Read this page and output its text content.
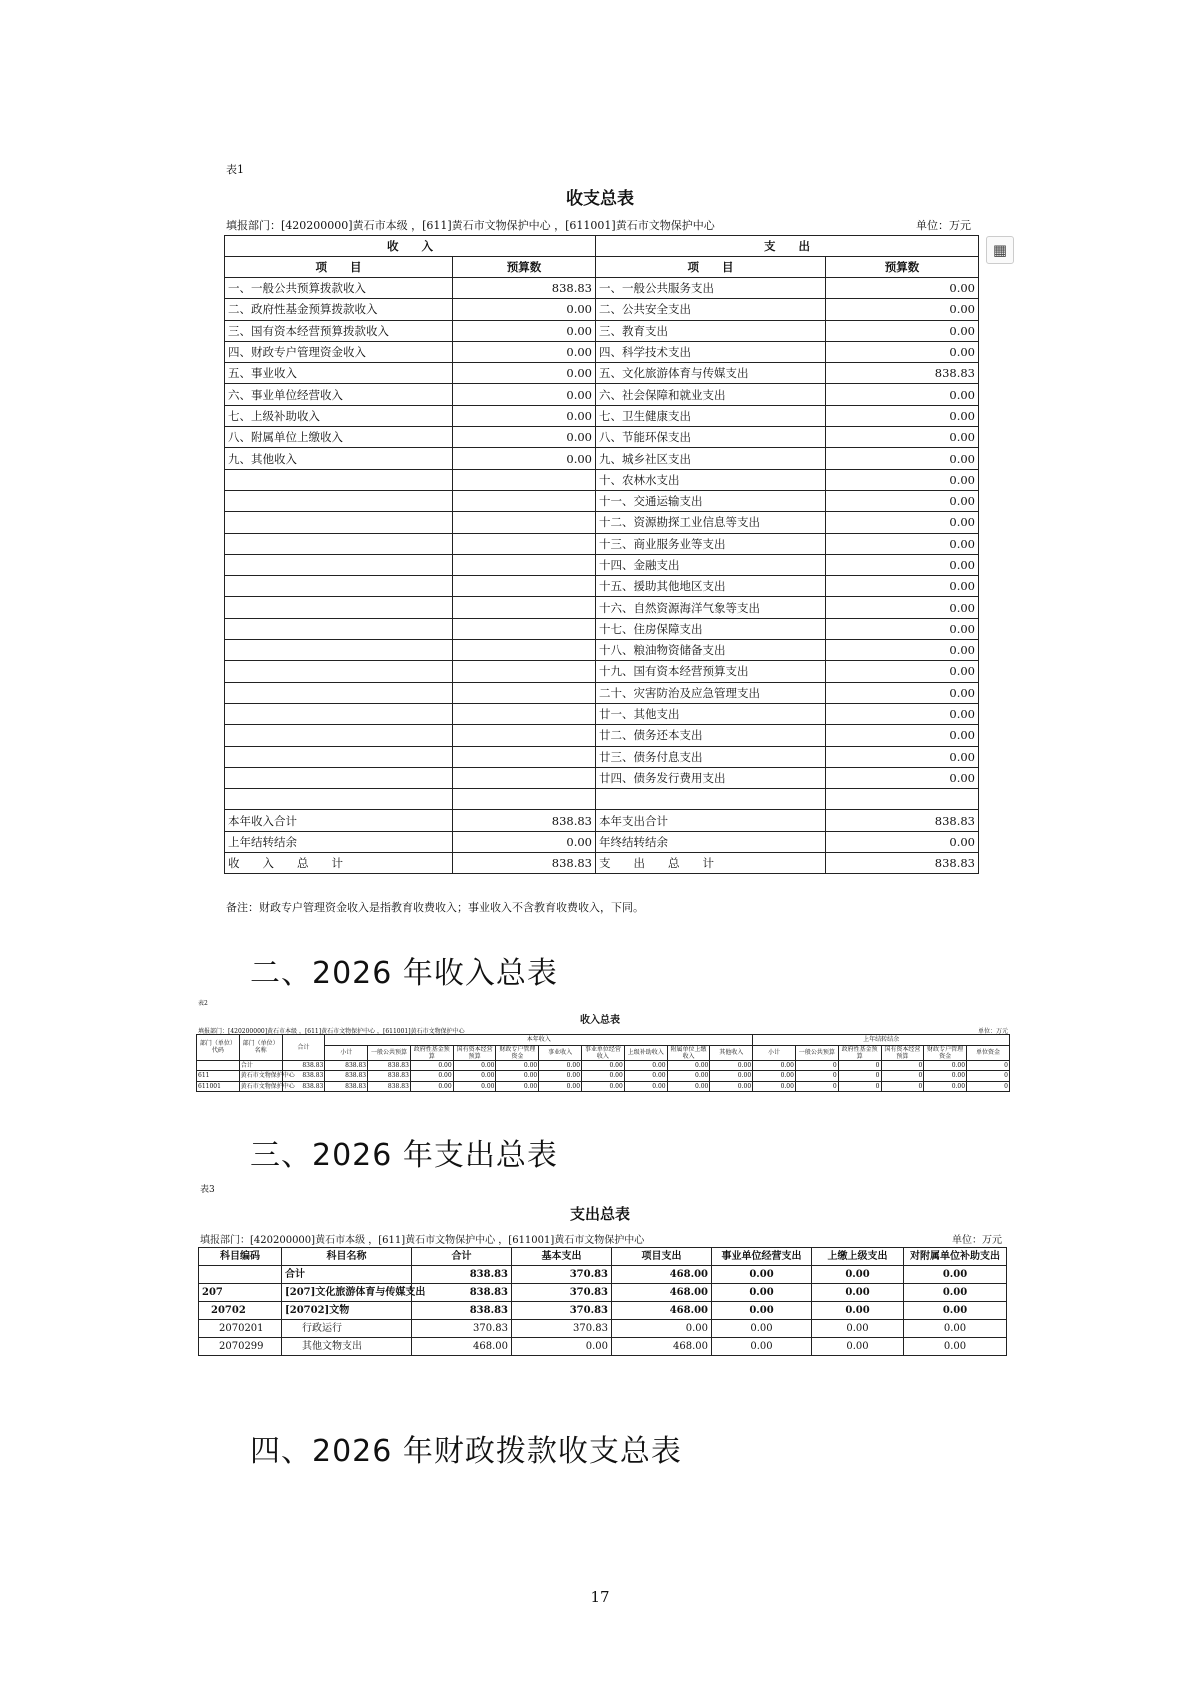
表1
收支总表
填报部门：[420200000]黄石市本级 ，[611]黄石市文物保护中心 ，[611001]黄石市文物保护中心	单位：万元
▦
收　　入		支　　出	
项　　目	预算数	项　　目	预算数
一、一般公共预算拨款收入	838.83	一、一般公共服务支出	0.00
二、政府性基金预算拨款收入	0.00	二、公共安全支出	0.00
三、国有资本经营预算拨款收入	0.00	三、教育支出	0.00
四、财政专户管理资金收入	0.00	四、科学技术支出	0.00
五、事业收入	0.00	五、文化旅游体育与传媒支出	838.83
六、事业单位经营收入	0.00	六、社会保障和就业支出	0.00
七、上级补助收入	0.00	七、卫生健康支出	0.00
八、附属单位上缴收入	0.00	八、节能环保支出	0.00
九、其他收入	0.00	九、城乡社区支出	0.00
		十、农林水支出	0.00
		十一、交通运输支出	0.00
		十二、资源勘探工业信息等支出	0.00
		十三、商业服务业等支出	0.00
		十四、金融支出	0.00
		十五、援助其他地区支出	0.00
		十六、自然资源海洋气象等支出	0.00
		十七、住房保障支出	0.00
		十八、粮油物资储备支出	0.00
		十九、国有资本经营预算支出	0.00
		二十、灾害防治及应急管理支出	0.00
		廿一、其他支出	0.00
		廿二、债务还本支出	0.00
		廿三、债务付息支出	0.00
		廿四、债务发行费用支出	0.00

本年收入合计	838.83	本年支出合计	838.83
上年结转结余	0.00	年终结转结余	0.00
收　　入　　总　　计	838.83	支　　出　　总　　计	838.83
备注：财政专户管理资金收入是指教育收费收入；事业收入不含教育收费收入，下同。
二、2026 年收入总表
表2
收入总表
填报部门：[420200000]黄石市本级 ，[611]黄石市文物保护中心 ，[611001]黄石市文物保护中心	单位：万元
部门（单位）代码	部门（单位）名称	合计	本年收入										上年结转结余					
			小计	一般公共预算	政府性基金预算	国有资本经营预算	财政专户管理资金	事业收入	事业单位经营收入	上级补助收入	附属单位上缴收入	其他收入	小计	一般公共预算	政府性基金预算	国有资本经营预算	财政专户管理资金	单位资金
	合计	838.83	838.83	838.83	0.00	0.00	0.00	0.00	0.00	0.00	0.00	0.00	0.00	0	0	0	0.00	0
611	黄石市文物保护中心	838.83	838.83	838.83	0.00	0.00	0.00	0.00	0.00	0.00	0.00	0.00	0.00	0	0	0	0.00	0
611001	黄石市文物保护中心	838.83	838.83	838.83	0.00	0.00	0.00	0.00	0.00	0.00	0.00	0.00	0.00	0	0	0	0.00	0
三、2026 年支出总表
表3
支出总表
填报部门：[420200000]黄石市本级 ，[611]黄石市文物保护中心 ，[611001]黄石市文物保护中心	单位：万元
科目编码	科目名称	合计	基本支出	项目支出	事业单位经营支出	上缴上级支出	对附属单位补助支出
	合计	838.83	370.83	468.00	0.00	0.00	0.00
207	[207]文化旅游体育与传媒支出	838.83	370.83	468.00	0.00	0.00	0.00
20702	[20702]文物	838.83	370.83	468.00	0.00	0.00	0.00
2070201	行政运行	370.83	370.83	0.00	0.00	0.00	0.00
2070299	其他文物支出	468.00	0.00	468.00	0.00	0.00	0.00
四、2026 年财政拨款收支总表
17
